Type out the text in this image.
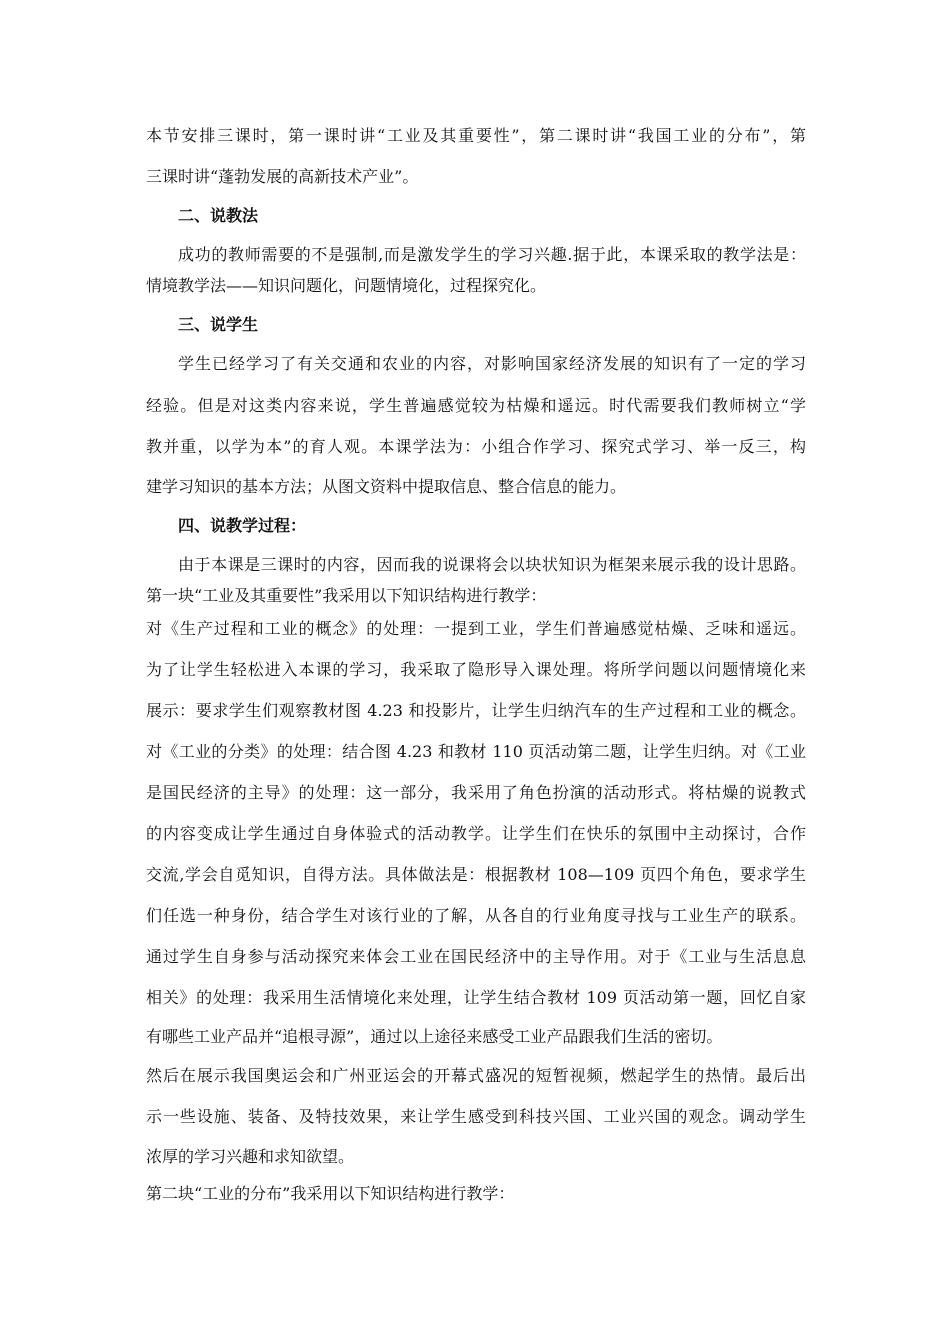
本节安排三课时，第一课时讲“工业及其重要性”，第二课时讲“我国工业的分布”，第
三课时讲“蓬勃发展的高新技术产业”。
二、说教法
成功的教师需要的不是强制,而是激发学生的学习兴趣.据于此，本课采取的教学法是：
情境教学法——知识问题化，问题情境化，过程探究化。
三、说学生
学生已经学习了有关交通和农业的内容，对影响国家经济发展的知识有了一定的学习
经验。但是对这类内容来说，学生普遍感觉较为枯燥和遥远。时代需要我们教师树立“学
教并重，以学为本”的育人观。本课学法为：小组合作学习、探究式学习、举一反三，构
建学习知识的基本方法；从图文资料中提取信息、整合信息的能力。
四、说教学过程：
由于本课是三课时的内容，因而我的说课将会以块状知识为框架来展示我的设计思路。
第一块“工业及其重要性”我采用以下知识结构进行教学：
对《生产过程和工业的概念》的处理：一提到工业，学生们普遍感觉枯燥、乏味和遥远。
为了让学生轻松进入本课的学习，我采取了隐形导入课处理。将所学问题以问题情境化来
展示：要求学生们观察教材图 4.23 和投影片，让学生归纳汽车的生产过程和工业的概念。
对《工业的分类》的处理：结合图 4.23 和教材 110 页活动第二题，让学生归纳。对《工业
是国民经济的主导》的处理：这一部分，我采用了角色扮演的活动形式。将枯燥的说教式
的内容变成让学生通过自身体验式的活动教学。让学生们在快乐的氛围中主动探讨，合作
交流,学会自觅知识，自得方法。具体做法是：根据教材 108—109 页四个角色，要求学生
们任选一种身份，结合学生对该行业的了解，从各自的行业角度寻找与工业生产的联系。
通过学生自身参与活动探究来体会工业在国民经济中的主导作用。对于《工业与生活息息
相关》的处理：我采用生活情境化来处理，让学生结合教材 109 页活动第一题，回忆自家
有哪些工业产品并“追根寻源”，通过以上途径来感受工业产品跟我们生活的密切。
然后在展示我国奥运会和广州亚运会的开幕式盛况的短暂视频，燃起学生的热情。最后出
示一些设施、装备、及特技效果，来让学生感受到科技兴国、工业兴国的观念。调动学生
浓厚的学习兴趣和求知欲望。
第二块“工业的分布”我采用以下知识结构进行教学：
